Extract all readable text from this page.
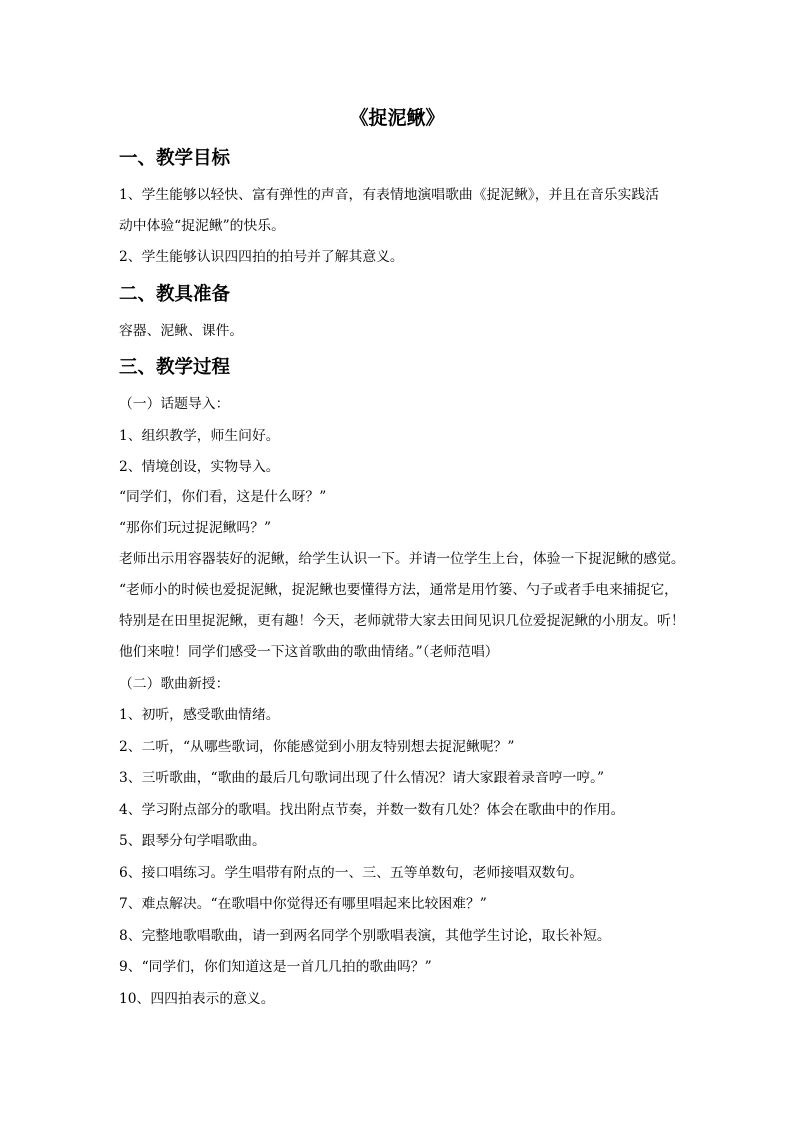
《捉泥鳅》
一、教学目标
1、学生能够以轻快、富有弹性的声音，有表情地演唱歌曲《捉泥鳅》，并且在音乐实践活
动中体验“捉泥鳅”的快乐。
2、学生能够认识四四拍的拍号并了解其意义。
二、教具准备
容器、泥鳅、课件。
三、教学过程
（一）话题导入：
1、组织教学，师生问好。
2、情境创设，实物导入。
“同学们，你们看，这是什么呀？”
“那你们玩过捉泥鳅吗？”
老师出示用容器装好的泥鳅，给学生认识一下。并请一位学生上台，体验一下捉泥鳅的感觉。
“老师小的时候也爱捉泥鳅，捉泥鳅也要懂得方法，通常是用竹篓、勺子或者手电来捕捉它，
特别是在田里捉泥鳅，更有趣！今天，老师就带大家去田间见识几位爱捉泥鳅的小朋友。听！
他们来啦！同学们感受一下这首歌曲的歌曲情绪。”（老师范唱）
（二）歌曲新授：
1、初听，感受歌曲情绪。
2、二听，“从哪些歌词，你能感觉到小朋友特别想去捉泥鳅呢？”
3、三听歌曲，“歌曲的最后几句歌词出现了什么情况？请大家跟着录音哼一哼。”
4、学习附点部分的歌唱。找出附点节奏，并数一数有几处？体会在歌曲中的作用。
5、跟琴分句学唱歌曲。
6、接口唱练习。学生唱带有附点的一、三、五等单数句，老师接唱双数句。
7、难点解决。“在歌唱中你觉得还有哪里唱起来比较困难？”
8、完整地歌唱歌曲，请一到两名同学个别歌唱表演，其他学生讨论，取长补短。
9、“同学们，你们知道这是一首几几拍的歌曲吗？”
10、四四拍表示的意义。
